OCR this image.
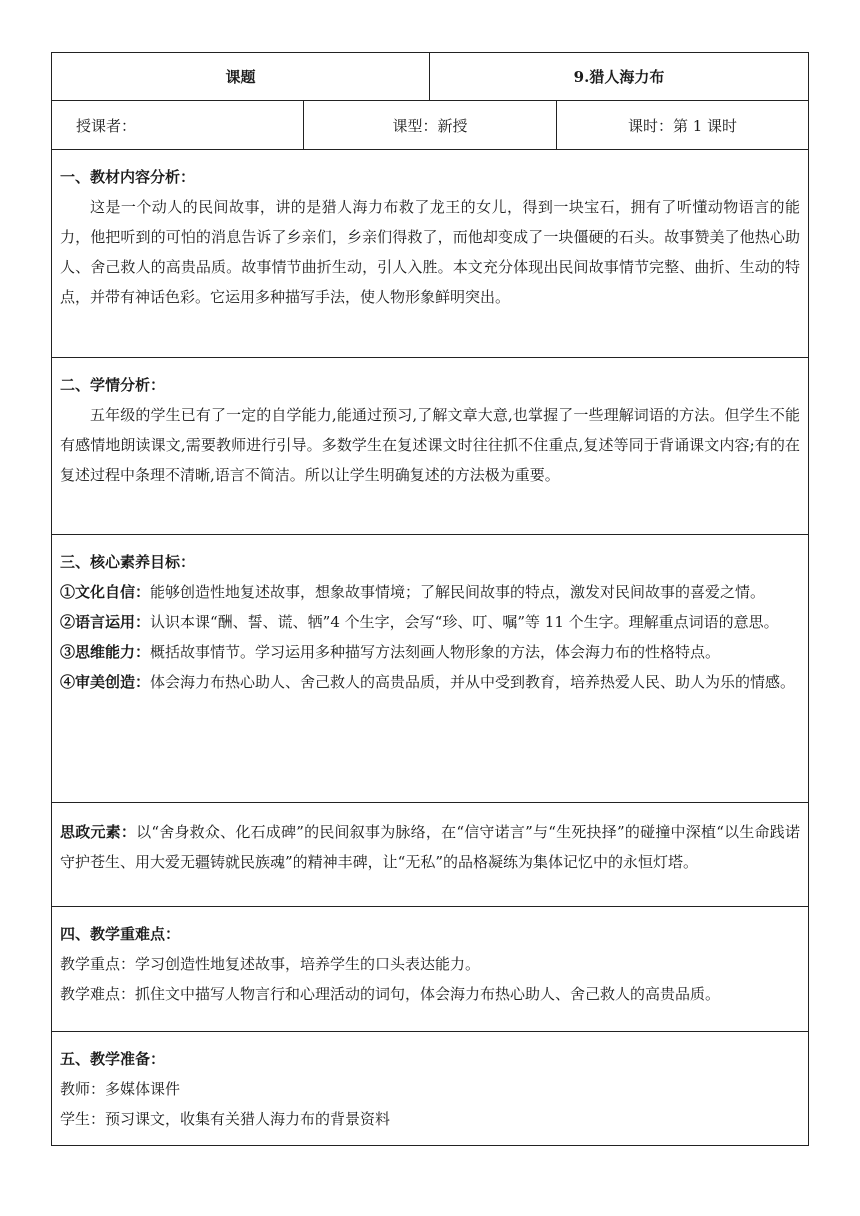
课题	9.猎人海力布
授课者：	课型：新授	课时：第 1 课时
一、教材内容分析：

这是一个动人的民间故事，讲的是猎人海力布救了龙王的女儿，得到一块宝石，拥有了听懂动物语言的能力，他把听到的可怕的消息告诉了乡亲们，乡亲们得救了，而他却变成了一块僵硬的石头。故事赞美了他热心助人、舍己救人的高贵品质。故事情节曲折生动，引人入胜。本文充分体现出民间故事情节完整、曲折、生动的特点，并带有神话色彩。它运用多种描写手法，使人物形象鲜明突出。

二、学情分析：

五年级的学生已有了一定的自学能力,能通过预习,了解文章大意,也掌握了一些理解词语的方法。但学生不能有感情地朗读课文,需要教师进行引导。多数学生在复述课文时往往抓不住重点,复述等同于背诵课文内容;有的在复述过程中条理不清晰,语言不简洁。所以让学生明确复述的方法极为重要。

三、核心素养目标：

①文化自信：能够创造性地复述故事，想象故事情境；了解民间故事的特点，激发对民间故事的喜爱之情。

②语言运用：认识本课“酬、誓、谎、牺”4 个生字，会写“珍、叮、嘱”等 11 个生字。理解重点词语的意思。

③思维能力：概括故事情节。学习运用多种描写方法刻画人物形象的方法，体会海力布的性格特点。

④审美创造：体会海力布热心助人、舍己救人的高贵品质，并从中受到教育，培养热爱人民、助人为乐的情感。

思政元素：以“舍身救众、化石成碑”的民间叙事为脉络，在“信守诺言”与“生死抉择”的碰撞中深植“以生命践诺守护苍生、用大爱无疆铸就民族魂”的精神丰碑，让“无私”的品格凝练为集体记忆中的永恒灯塔。

四、教学重难点：

教学重点：学习创造性地复述故事，培养学生的口头表达能力。

教学难点：抓住文中描写人物言行和心理活动的词句，体会海力布热心助人、舍己救人的高贵品质。

五、教学准备：

教师：多媒体课件

学生：预习课文，收集有关猎人海力布的背景资料
